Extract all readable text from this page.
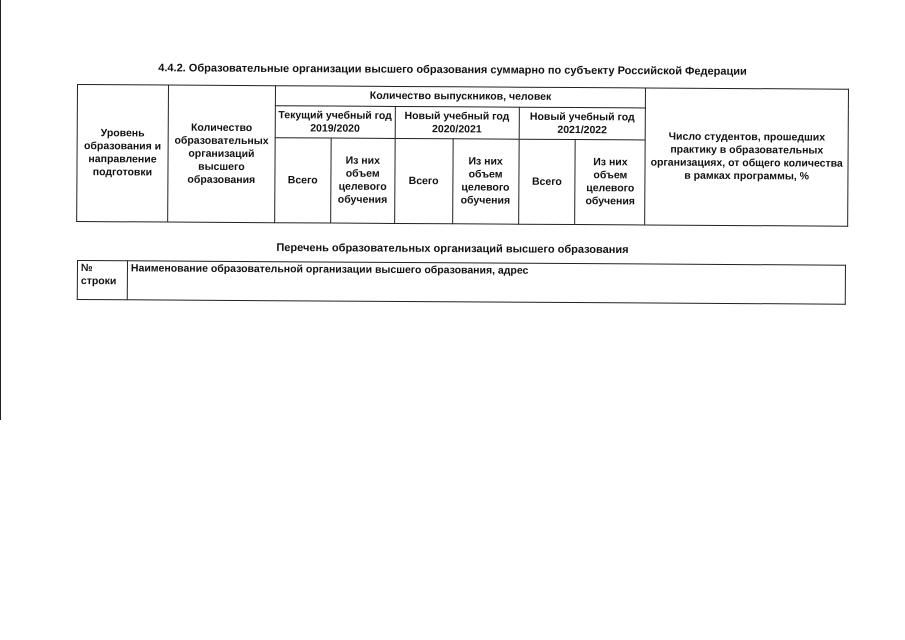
4.4.2. Образовательные организации высшего образования суммарно по субъекту Российской Федерации
Уровень образования и направление подготовки	Количество образовательных организаций высшего образования	Количество выпускников, человек						Число студентов, прошедших практику в образовательных организациях, от общего количества в рамках программы, %
		Текущий учебный год 2019/2020		Новый учебный год 2020/2021		Новый учебный год 2021/2022		
		Всего	Из них объем целевого обучения	Всего	Из них объем целевого обучения	Всего	Из них объем целевого обучения	
Перечень образовательных организаций высшего образования
№ строки	Наименование образовательной организации высшего образования, адрес
